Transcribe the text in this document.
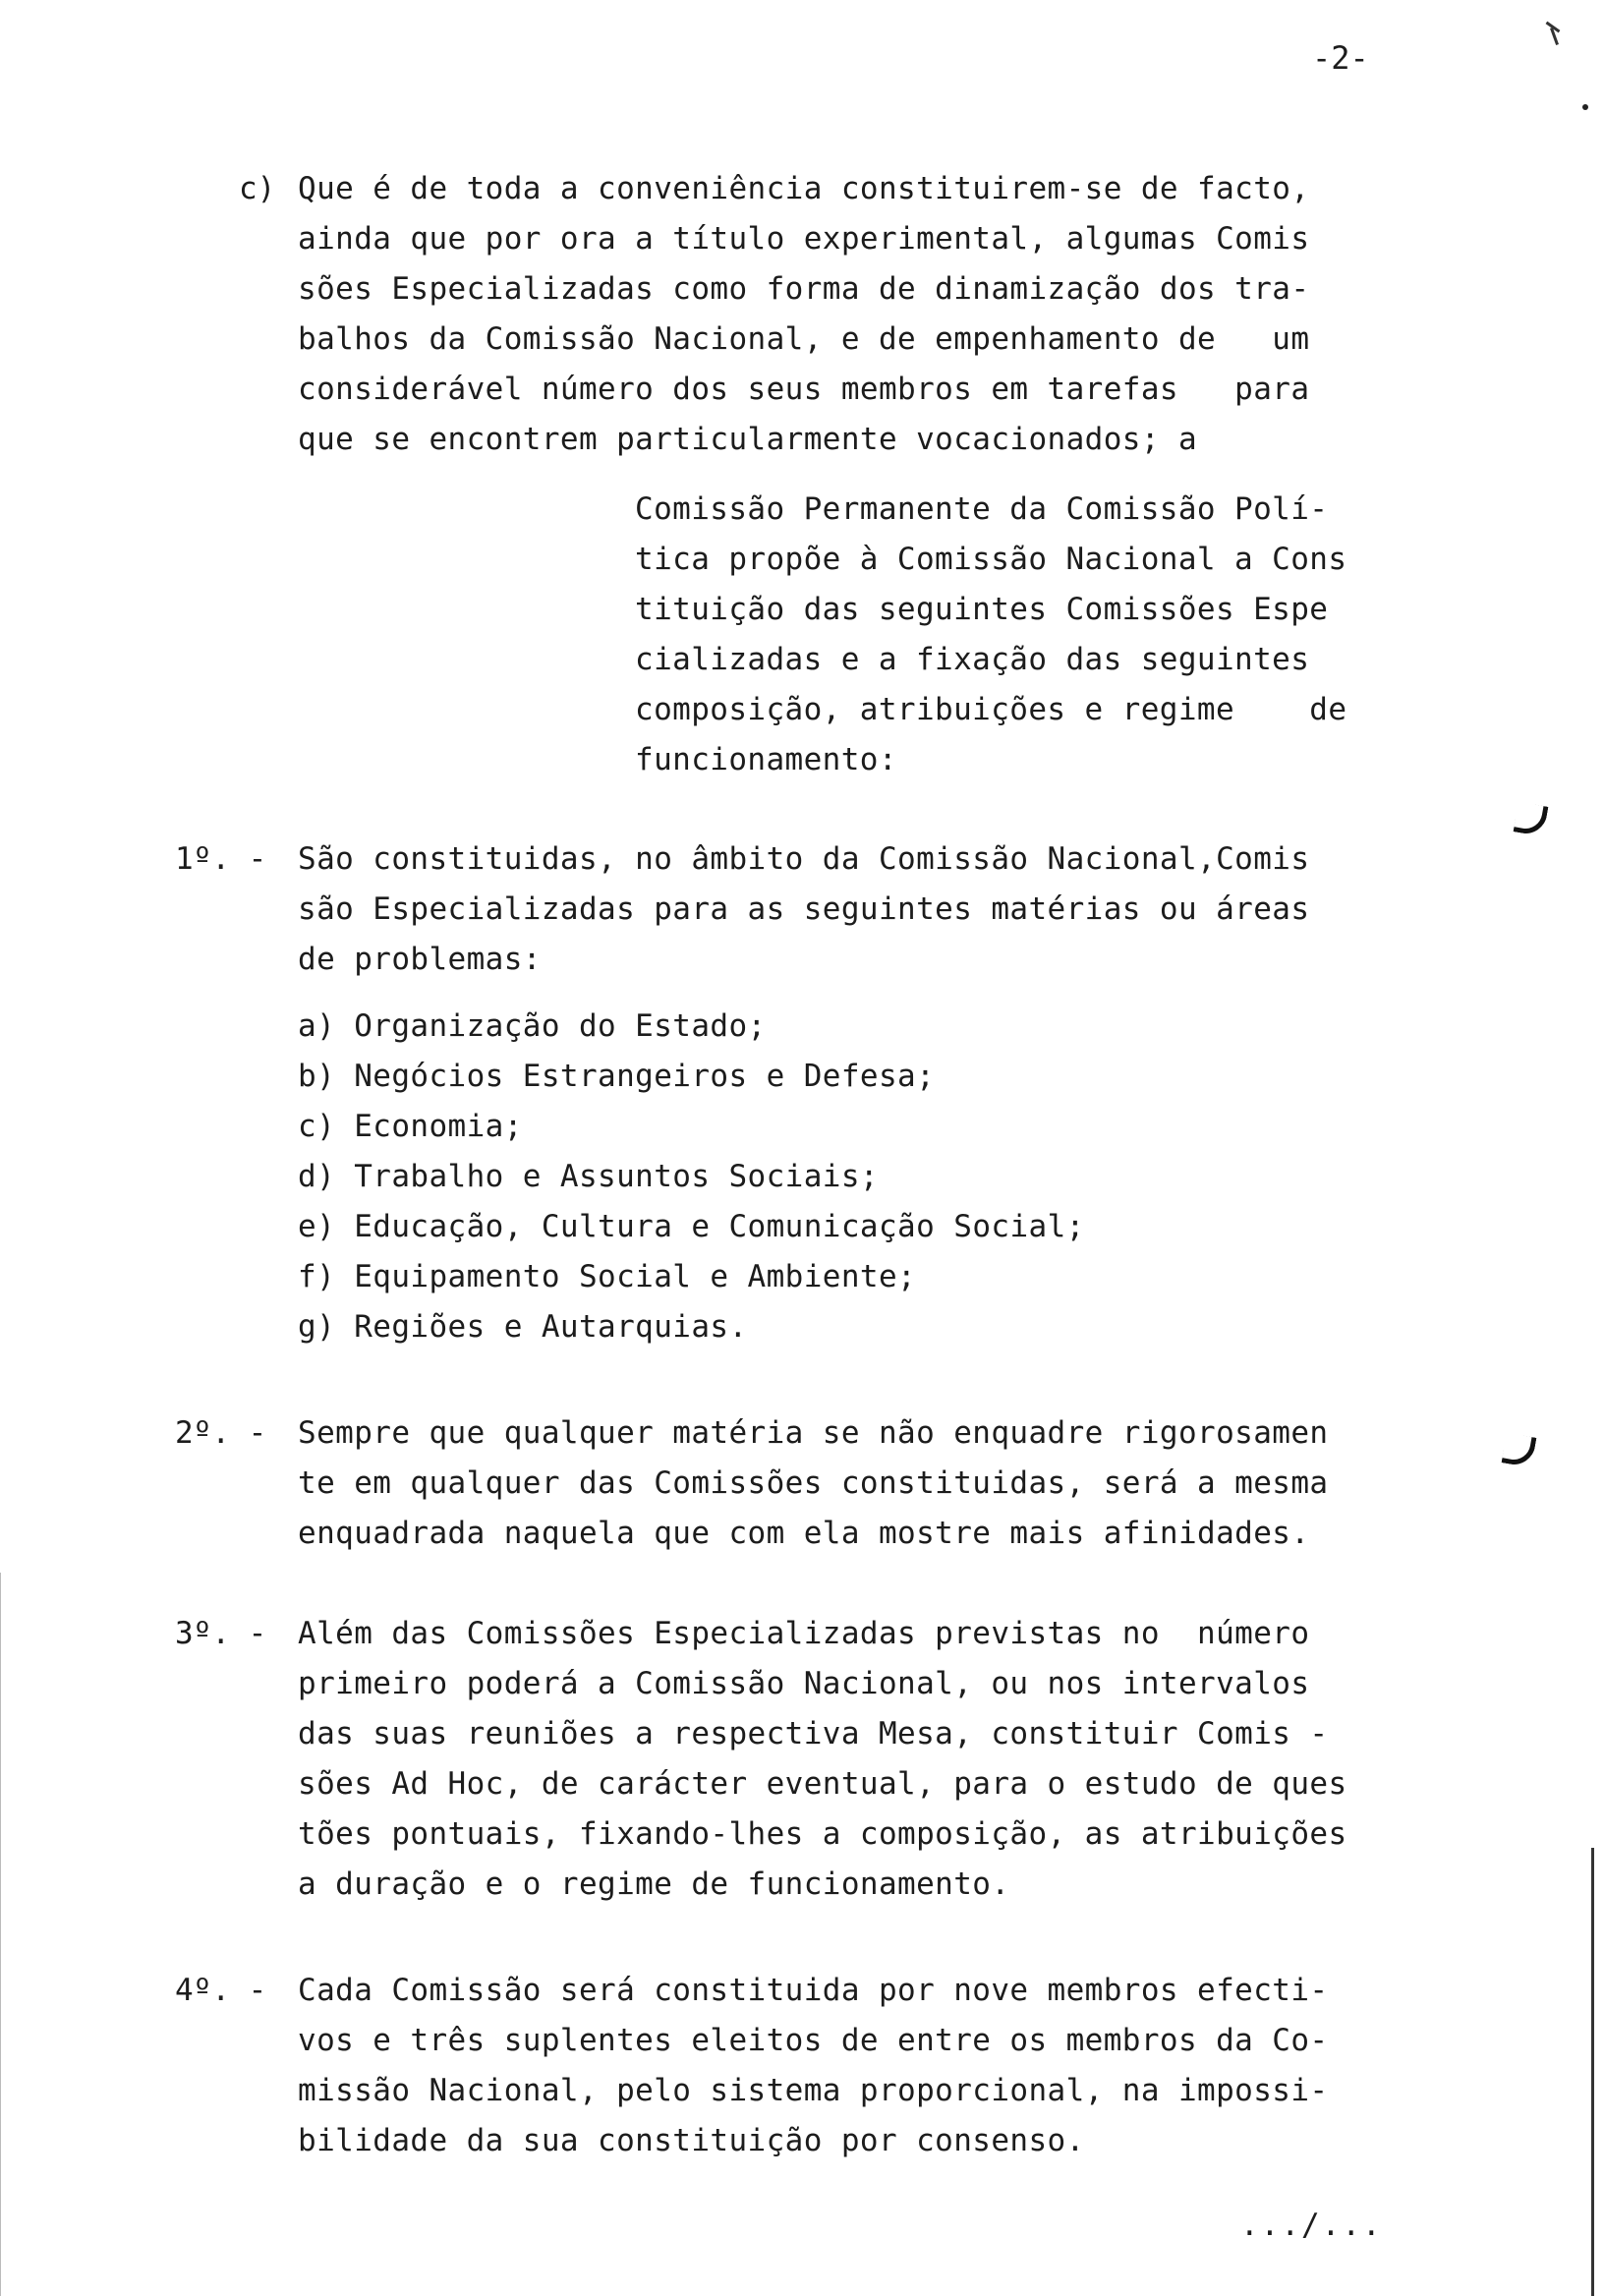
-2-
c) Que é de toda a conveniência constituirem-se de facto,
ainda que por ora a título experimental, algumas Comis
sões Especializadas como forma de dinamização dos tra-
balhos da Comissão Nacional, e de empenhamento de   um
considerável número dos seus membros em tarefas   para
que se encontrem particularmente vocacionados; a
Comissão Permanente da Comissão Polí-
tica propõe à Comissão Nacional a Cons
tituição das seguintes Comissões Espe
cializadas e a fixação das seguintes
composição, atribuições e regime    de
funcionamento:
1º. - São constituidas, no âmbito da Comissão Nacional,Comis
são Especializadas para as seguintes matérias ou áreas
de problemas:
a) Organização do Estado;
b) Negócios Estrangeiros e Defesa;
c) Economia;
d) Trabalho e Assuntos Sociais;
e) Educação, Cultura e Comunicação Social;
f) Equipamento Social e Ambiente;
g) Regiões e Autarquias.
2º. - Sempre que qualquer matéria se não enquadre rigorosamen
te em qualquer das Comissões constituidas, será a mesma
enquadrada naquela que com ela mostre mais afinidades.
3º. - Além das Comissões Especializadas previstas no  número
primeiro poderá a Comissão Nacional, ou nos intervalos
das suas reuniões a respectiva Mesa, constituir Comis -
sões Ad Hoc, de carácter eventual, para o estudo de ques
tões pontuais, fixando-lhes a composição, as atribuições
a duração e o regime de funcionamento.
4º. - Cada Comissão será constituida por nove membros efecti-
vos e três suplentes eleitos de entre os membros da Co-
missão Nacional, pelo sistema proporcional, na impossi-
bilidade da sua constituição por consenso.
.../...
